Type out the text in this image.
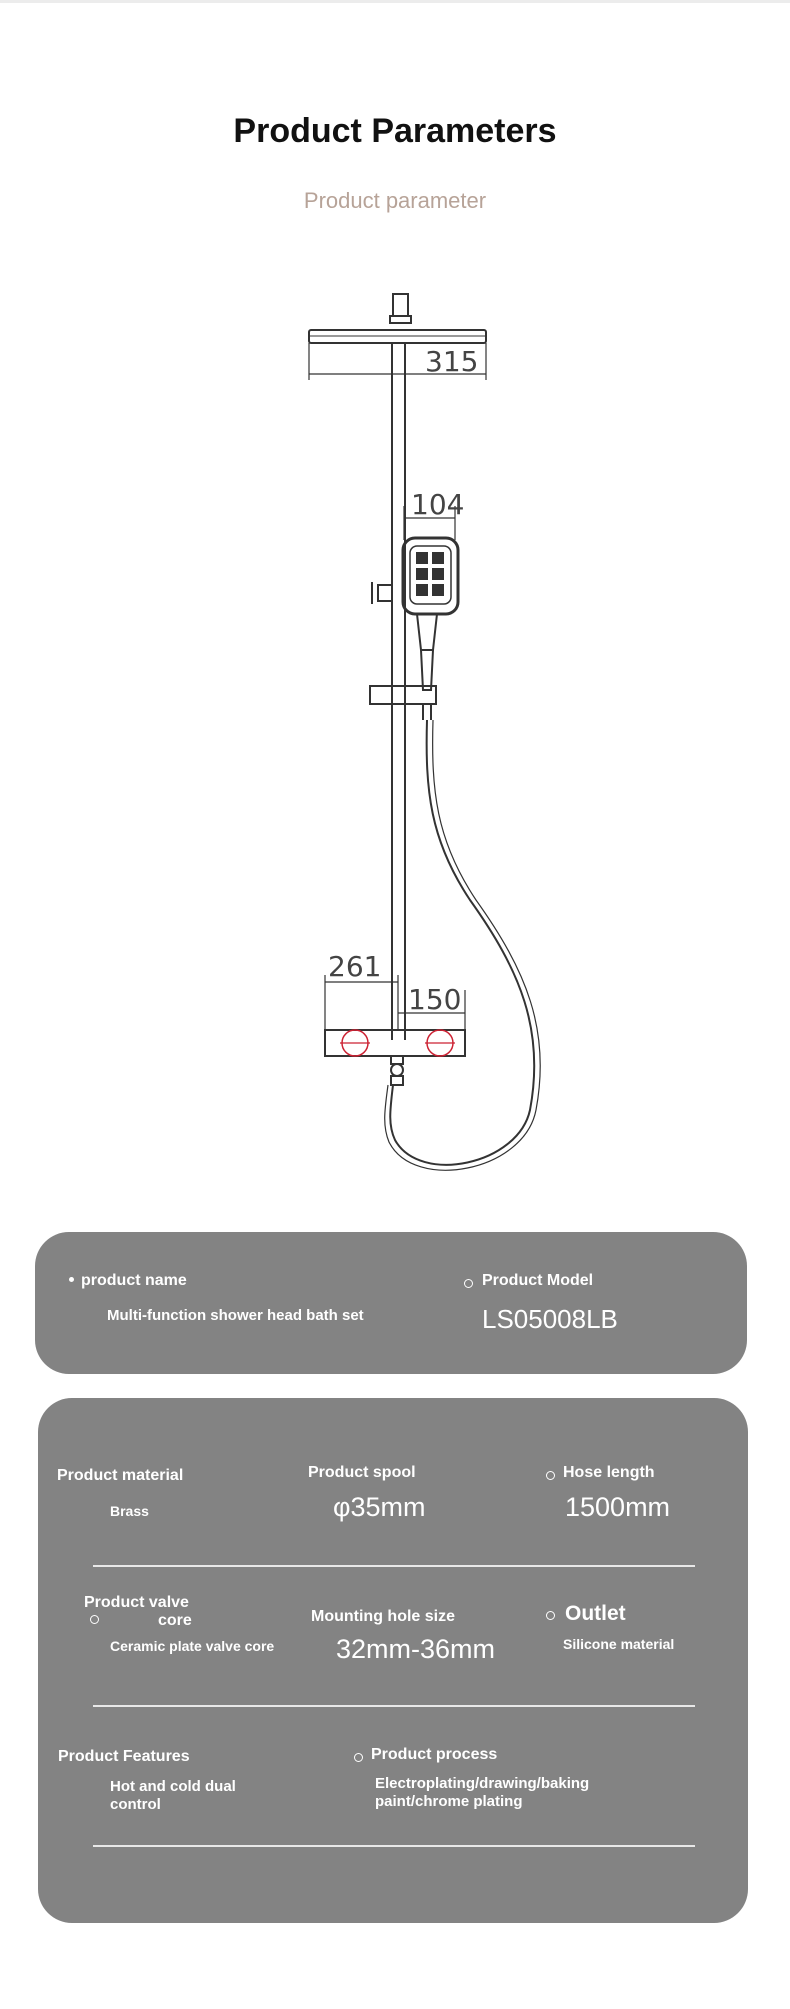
Product Parameters
Product parameter
315
104
261
150
product name
Multi-function shower head bath set
Product Model
LS05008LB
Product material
Brass
Product spool
φ35mm
Hose length
1500mm
Product valve
core
Ceramic plate valve core
Mounting hole size
32mm-36mm
Outlet
Silicone material
Product Features
Hot and cold dual
control
Product process
Electroplating/drawing/baking
paint/chrome plating
